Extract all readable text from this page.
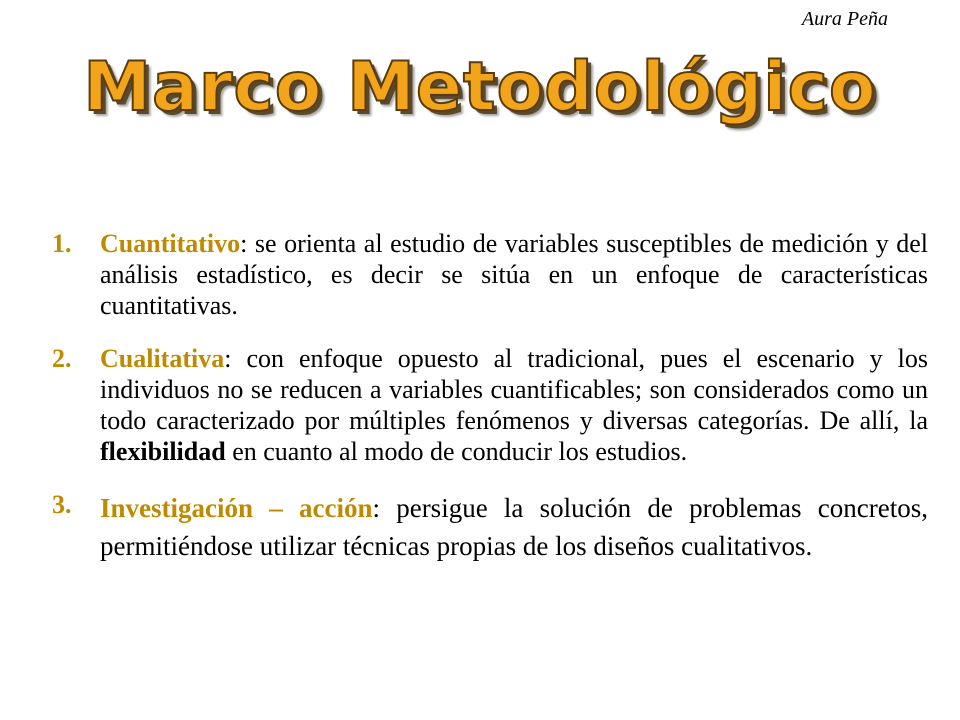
Aura Peña
Marco Metodológico
1.	Cuantitativo: se orienta al estudio de variables susceptibles de medición y del análisis estadístico, es decir se sitúa en un enfoque de características cuantitativas.
2.	Cualitativa: con enfoque opuesto al tradicional, pues el escenario y los individuos no se reducen a variables cuantificables; son considerados como un todo caracterizado por múltiples fenómenos y diversas categorías. De allí, la flexibilidad en cuanto al modo de conducir los estudios.
3.	Investigación – acción: persigue la solución de problemas concretos, permitiéndose utilizar técnicas propias de los diseños cualitativos.
